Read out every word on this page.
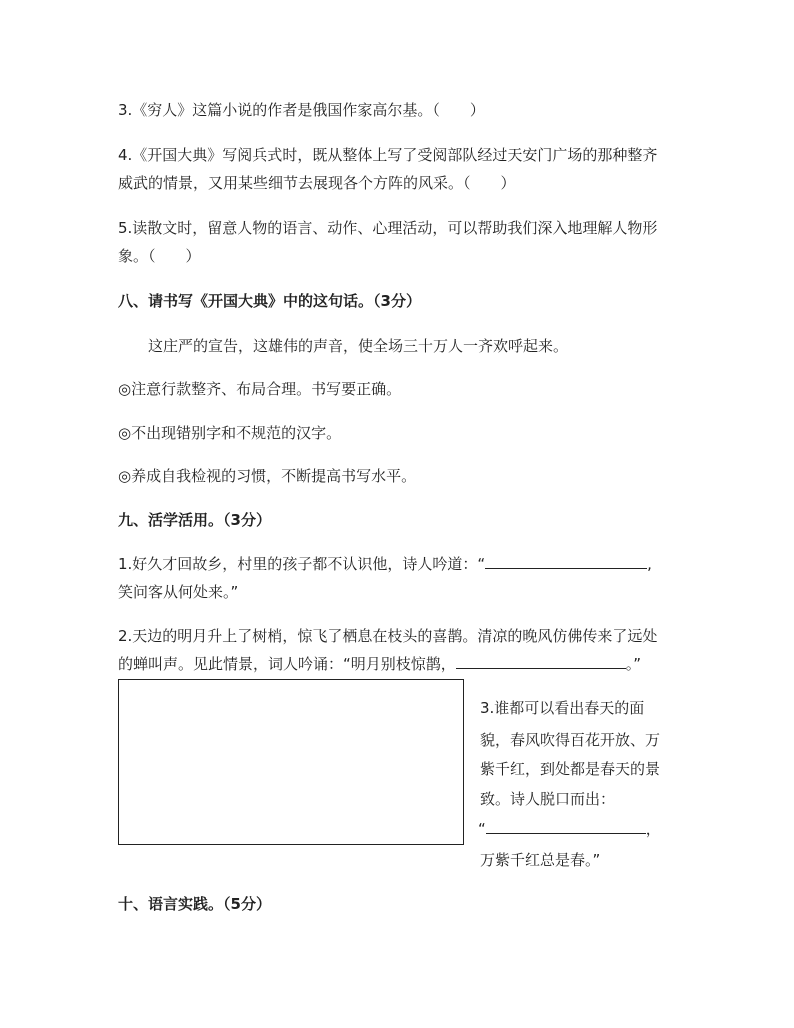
3.《穷人》这篇小说的作者是俄国作家高尔基。（　　）
4.《开国大典》写阅兵式时，既从整体上写了受阅部队经过天安门广场的那种整齐
威武的情景，又用某些细节去展现各个方阵的风采。（　　）
5.读散文时，留意人物的语言、动作、心理活动，可以帮助我们深入地理解人物形
象。（　　）
八、请书写《开国大典》中的这句话。（3分）
这庄严的宣告，这雄伟的声音，使全场三十万人一齐欢呼起来。
◎注意行款整齐、布局合理。书写要正确。
◎不出现错别字和不规范的汉字。
◎养成自我检视的习惯，不断提高书写水平。
九、活学活用。（3分）
1.好久才回故乡，村里的孩子都不认识他，诗人吟道：“	,
笑问客从何处来。”
2.天边的明月升上了树梢，惊飞了栖息在枝头的喜鹊。清凉的晚风仿佛传来了远处
的蝉叫声。见此情景，词人吟诵：“明月别枝惊鹊，	。”
3.谁都可以看出春天的面
貌，春风吹得百花开放、万
紫千红，到处都是春天的景
致。诗人脱口而出：
“	，
万紫千红总是春。”
十、语言实践。（5分）
